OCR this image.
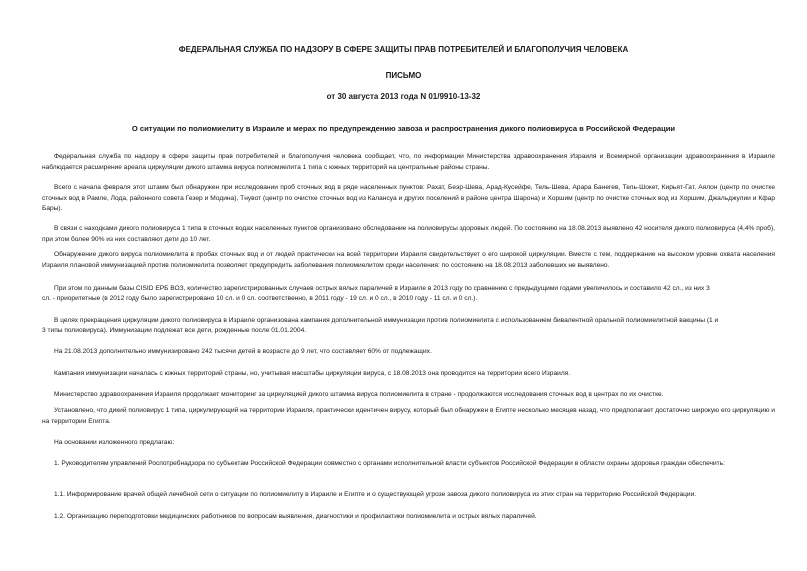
ФЕДЕРАЛЬНАЯ СЛУЖБА ПО НАДЗОРУ В СФЕРЕ ЗАЩИТЫ ПРАВ ПОТРЕБИТЕЛЕЙ И БЛАГОПОЛУЧИЯ ЧЕЛОВЕКА
ПИСЬМО
от 30 августа 2013 года N 01/9910-13-32
О ситуации по полиомиелиту в Израиле и мерах по предупреждению завоза и распространения дикого полиовируса в Российской Федерации

Федеральная служба по надзору в сфере защиты прав потребителей и благополучия человека сообщает, что, по информации Министерства здравоохранения Израиля и Всемирной организации здравоохранения в Израиле наблюдается расширение ареала циркуляции дикого штамма вируса полиомиелита 1 типа с южных территорий на центральные районы страны.

Всего с начала февраля этот штамм был обнаружен при исследовании проб сточных вод в ряде населенных пунктов: Рахат, Беэр-Шева, Арад-Кусейфе, Тель-Шева, Арара Банегев, Тель-Шокет, Кирьят-Гат, Аялон (центр по очистке сточных вод в Рамле, Лода, районного совета Гезер и Модина), Тнувот (центр по очистке сточных вод из Калансуа и других поселений в районе центра Шарона) и Хоршим (центр по очистке сточных вод из Хоршим, Джальджулии и Кфар Бары).

В связи с находками дикого полиовируса 1 типа в сточных водах населенных пунктов организовано обследование на полиовирусы здоровых людей. По состоянию на 18.08.2013 выявлено 42 носителя дикого полиовируса (4,4% проб), при этом более 90% из них составляют дети до 10 лет.

Обнаружение дикого вируса полиомиелита в пробах сточных вод и от людей практически на всей территории Израиля свидетельствует о его широкой циркуляции. Вместе с тем, поддержание на высоком уровне охвата населения Израиля плановой иммунизацией против полиомиелита позволяет предупредить заболевания полиомиелитом среди населения: по состоянию на 18.08.2013 заболевших не выявлено.

При этом по данным базы CISID ЕРБ ВОЗ, количество зарегистрированных случаев острых вялых параличей в Израиле в 2013 году по сравнению с предыдущими годами увеличилось и составило 42 сл., из них 3

сл. - приоритетные (в 2012 году было зарегистрировано 10 сл. и 0 сл. соответственно, в 2011 году - 19 сл. и 0 сл., в 2010 году - 11 сл. и 0 сл.).

В целях прекращения циркуляции дикого полиовируса в Израиле организована кампания дополнительной иммунизации против полиомиелита с использованием бивалентной оральной полиомиелитной вакцины (1 и

3 типы полиовируса). Иммунизации подлежат все дети, рожденные после 01.01.2004.

На 21.08.2013 дополнительно иммунизировано 242 тысячи детей в возрасте до 9 лет, что составляет 60% от подлежащих.

Кампания иммунизации началась с южных территорий страны, но, учитывая масштабы циркуляции вируса, с 18.08.2013 она проводится на территории всего Израиля.

Министерство здравоохранения Израиля продолжает мониторинг за циркуляцией дикого штамма вируса полиомиелита в стране - продолжаются исследования сточных вод в центрах по их очистке.

Установлено, что дикий полиовирус 1 типа, циркулирующий на территории Израиля, практически идентичен вирусу, который был обнаружен в Египте несколько месяцев назад, что предполагает достаточно широкую его циркуляцию и на территории Египта.

На основании изложенного предлагаю:

1. Руководителям управлений Роспотребнадзора по субъектам Российской Федерации совместно с органами исполнительной власти субъектов Российской Федерации в области охраны здоровья граждан обеспечить:

1.1. Информирование врачей общей лечебной сети о ситуации по полиомиелиту в Израиле и Египте и о существующей угрозе завоза дикого полиовируса из этих стран на территорию Российской Федерации.

1.2. Организацию переподготовки медицинских работников по вопросам выявления, диагностики и профилактики полиомиелита и острых вялых параличей.
